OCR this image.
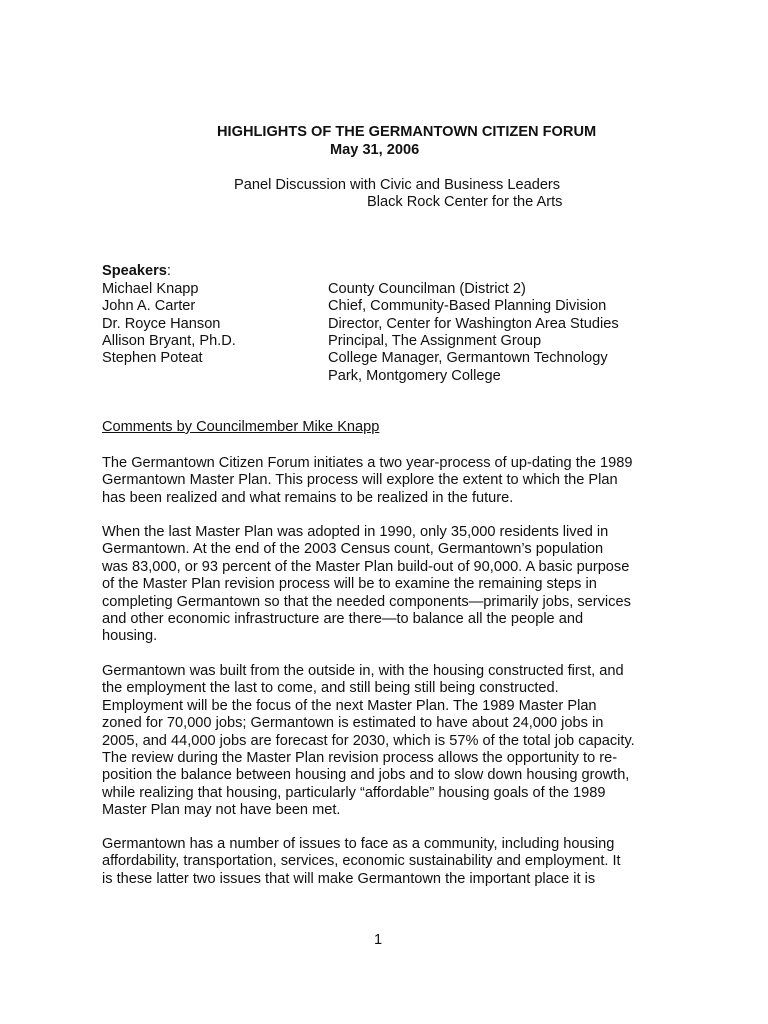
HIGHLIGHTS OF THE GERMANTOWN CITIZEN FORUM
May 31, 2006
Panel Discussion with Civic and Business Leaders
Black Rock Center for the Arts
Speakers:
Michael Knapp	County Councilman (District 2)
John A. Carter	Chief, Community-Based Planning Division
Dr. Royce Hanson	Director, Center for Washington Area Studies
Allison Bryant, Ph.D.	Principal, The Assignment Group
Stephen Poteat	College Manager, Germantown Technology
Park, Montgomery College
Comments by Councilmember Mike Knapp
The Germantown Citizen Forum initiates a two year-process of up-dating the 1989
Germantown Master Plan. This process will explore the extent to which the Plan
has been realized and what remains to be realized in the future.
When the last Master Plan was adopted in 1990, only 35,000 residents lived in
Germantown. At the end of the 2003 Census count, Germantown’s population
was 83,000, or 93 percent of the Master Plan build-out of 90,000. A basic purpose
of the Master Plan revision process will be to examine the remaining steps in
completing Germantown so that the needed components—primarily jobs, services
and other economic infrastructure are there—to balance all the people and
housing.
Germantown was built from the outside in, with the housing constructed first, and
the employment the last to come, and still being still being constructed.
Employment will be the focus of the next Master Plan. The 1989 Master Plan
zoned for 70,000 jobs; Germantown is estimated to have about 24,000 jobs in
2005, and 44,000 jobs are forecast for 2030, which is 57% of the total job capacity.
The review during the Master Plan revision process allows the opportunity to re-
position the balance between housing and jobs and to slow down housing growth,
while realizing that housing, particularly “affordable” housing goals of the 1989
Master Plan may not have been met.
Germantown has a number of issues to face as a community, including housing
affordability, transportation, services, economic sustainability and employment. It
is these latter two issues that will make Germantown the important place it is
1
